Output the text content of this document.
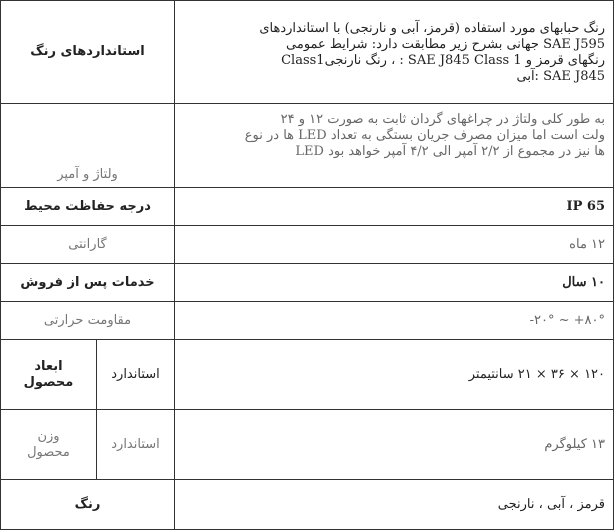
استانداردهای رنگ		رنگ حبابهای مورد استفاده (قرمز، آبی و نارنجی) با استانداردهای
SAE J595 جهانی بشرح زیر مطابقت دارد: شرایط عمومی
رنگهای قرمز و SAE J845 Class 1 : ، رنگ نارنجیClass1
SAE J845 :آبی

ولتاژ و آمپر		به طور کلی ولتاژ در چراغهای گردان ثابت به صورت ۱۲ و ۲۴
ولت است اما میزان مصرف جریان بستگی به تعداد LED ها در نوع
ها نیز در مجموع از ۲/۲ آمپر الی ۴/۲ آمپر خواهد بود LED

درجه حفاظت محیط		IP 65
گارانتی		۱۲ ماه
خدمات پس از فروش		۱۰ سال
مقاومت حرارتی		-۲۰° ~ +۸۰°
ابعاد محصول	استاندارد	۱۲۰ × ۳۶ × ۲۱ سانتیمتر
وزن محصول	استاندارد	۱۳ کیلوگرم
رنگ		قرمز ، آبی ، نارنجی
